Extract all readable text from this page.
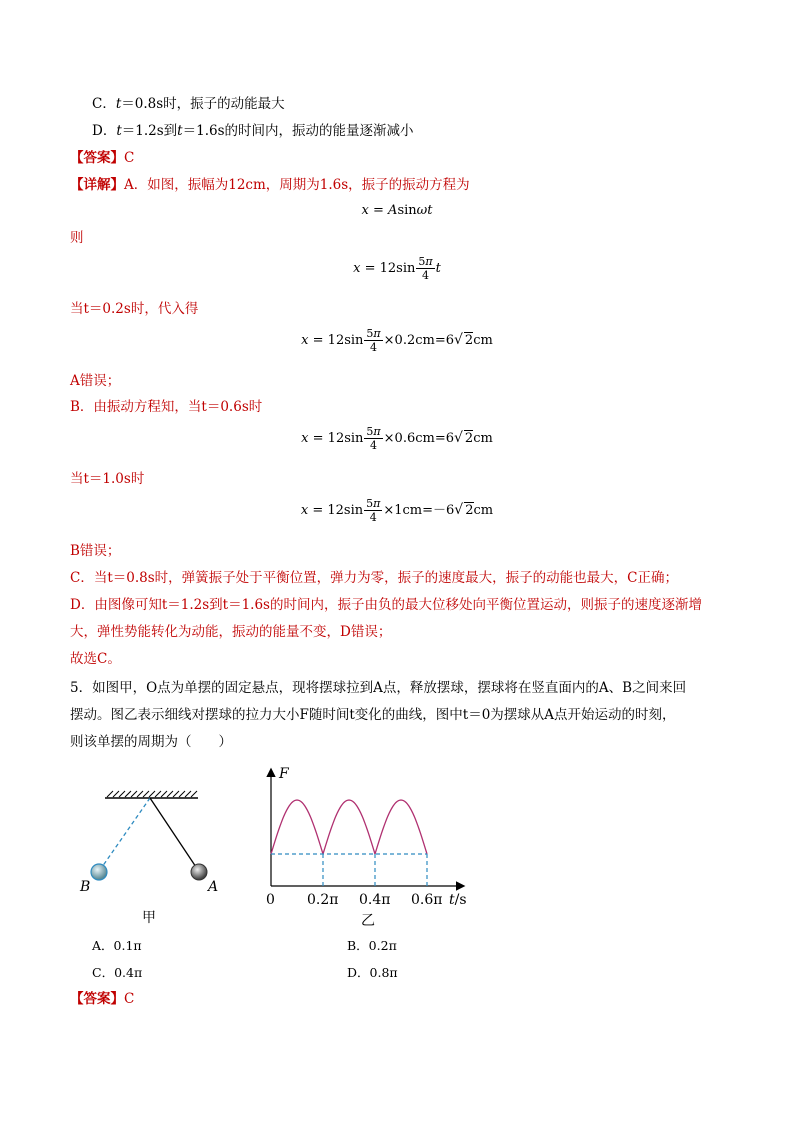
C．t＝0.8s时，振子的动能最大
D．t＝1.2s到t＝1.6s的时间内，振动的能量逐渐减小
【答案】C
【详解】A．如图，振幅为12cm，周期为1.6s，振子的振动方程为
x = Asinωt
则
$x = 12\sin \frac{5\pi}{4}$ t
当t＝0.2s时，代入得
$x = 12\sin \frac{5\pi}{4} \times 0.2cm=6√$ 2cm
A错误；
B．由振动方程知，当t＝0.6s时
$x = 12\sin \frac{5\pi}{4} \times 0.6cm=6√$ 2cm
当t＝1.0s时
$x = 12\sin \frac{5\pi}{4} \times 1cm=-6√$ 2cm
B错误；
C．当t＝0.8s时，弹簧振子处于平衡位置，弹力为零，振子的速度最大，振子的动能也最大，C正确；
D．由图像可知t＝1.2s到t＝1.6s的时间内，振子由负的最大位移处向平衡位置运动，则振子的速度逐渐增
大，弹性势能转化为动能，振动的能量不变，D错误；
故选C。
5．如图甲，O点为单摆的固定悬点，现将摆球拉到A点，释放摆球，摆球将在竖直面内的A、B之间来回
摆动。图乙表示细线对摆球的拉力大小F随时间t变化的曲线，图中t＝0为摆球从A点开始运动的时刻，
则该单摆的周期为（　　）
B	A
甲
F
t/s
0 0.2π 0.4π 0.6π
乙
A．0.1π	B．0.2π
C．0.4π	D．0.8π
【答案】C
